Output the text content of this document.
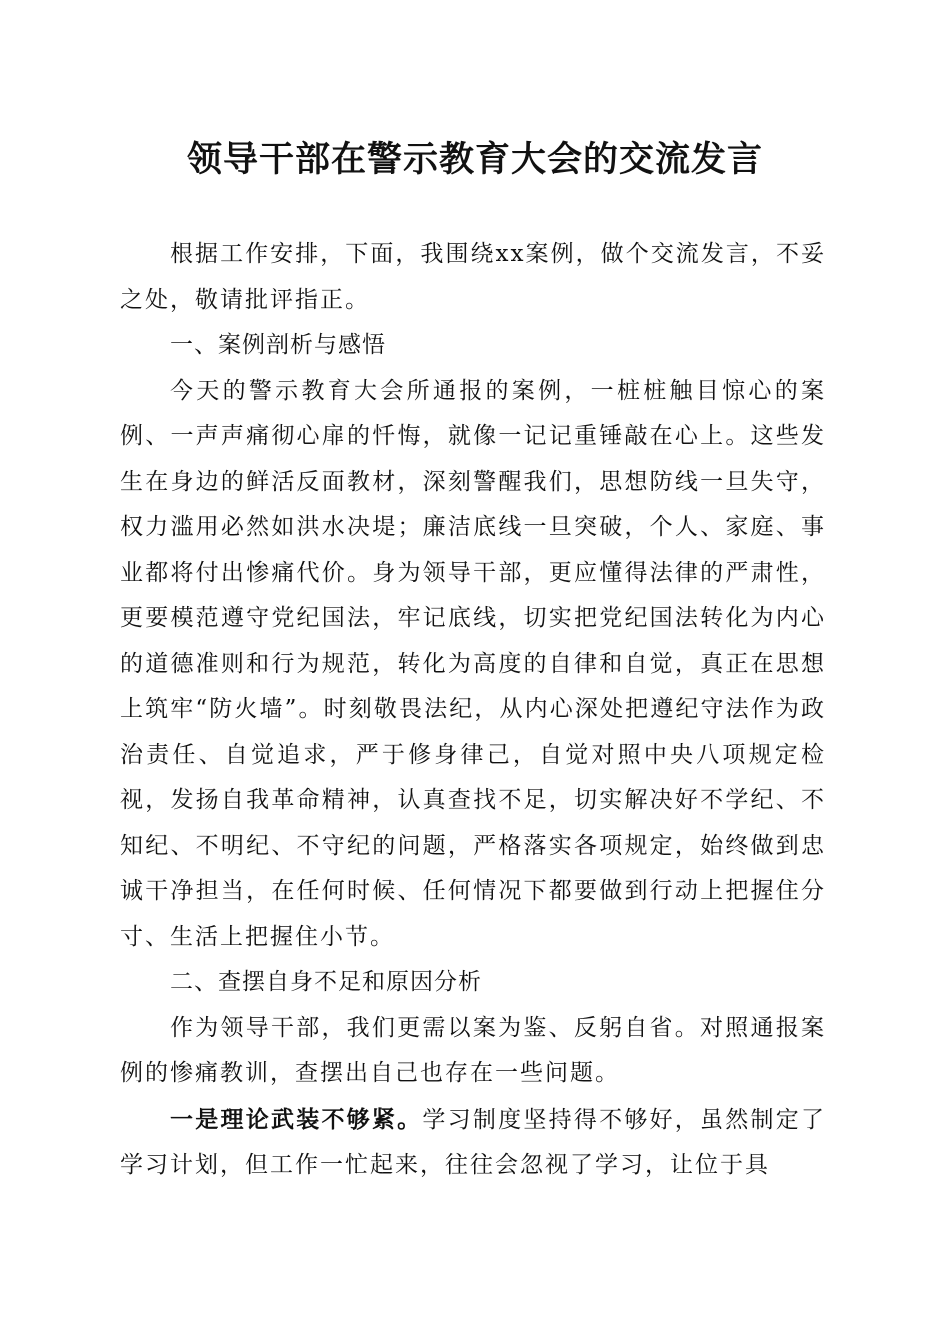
领导干部在警示教育大会的交流发言

根据工作安排，下面，我围绕xx案例，做个交流发言，不妥之处，敬请批评指正。

一、案例剖析与感悟

今天的警示教育大会所通报的案例，一桩桩触目惊心的案例、一声声痛彻心扉的忏悔，就像一记记重锤敲在心上。这些发生在身边的鲜活反面教材，深刻警醒我们，思想防线一旦失守，权力滥用必然如洪水决堤；廉洁底线一旦突破，个人、家庭、事业都将付出惨痛代价。身为领导干部，更应懂得法律的严肃性，更要模范遵守党纪国法，牢记底线，切实把党纪国法转化为内心的道德准则和行为规范，转化为高度的自律和自觉，真正在思想上筑牢“防火墙”。时刻敬畏法纪，从内心深处把遵纪守法作为政治责任、自觉追求，严于修身律己，自觉对照中央八项规定检视，发扬自我革命精神，认真查找不足，切实解决好不学纪、不知纪、不明纪、不守纪的问题，严格落实各项规定，始终做到忠诚干净担当，在任何时候、任何情况下都要做到行动上把握住分寸、生活上把握住小节。

二、查摆自身不足和原因分析

作为领导干部，我们更需以案为鉴、反躬自省。对照通报案例的惨痛教训，查摆出自己也存在一些问题。

一是理论武装不够紧。学习制度坚持得不够好，虽然制定了学习计划，但工作一忙起来，往往会忽视了学习，让位于具
